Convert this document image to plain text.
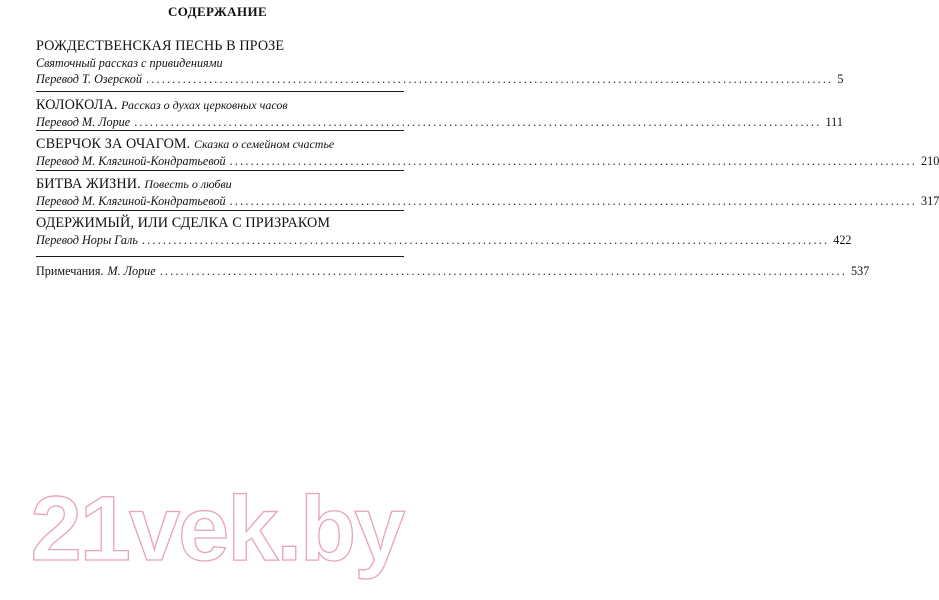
СОДЕРЖАНИЕ
РОЖДЕСТВЕНСКАЯ ПЕСНЬ В ПРОЗЕ
Святочный рассказ с привидениями
Перевод Т. Озерской ................................................................................................................................... 5
КОЛОКОЛА. Рассказ о духах церковных часов
Перевод М. Лорие ................................................................................................................................... 111
СВЕРЧОК ЗА ОЧАГОМ. Сказка о семейном счастье
Перевод М. Клягиной-Кондратьевой ................................................................................................................................... 210
БИТВА ЖИЗНИ. Повесть о любви
Перевод М. Клягиной-Кондратьевой ................................................................................................................................... 317
ОДЕРЖИМЫЙ, ИЛИ СДЕЛКА С ПРИЗРАКОМ
Перевод Норы Галь ................................................................................................................................... 422
Примечания. М. Лорие ................................................................................................................................... 537
21vek.by
